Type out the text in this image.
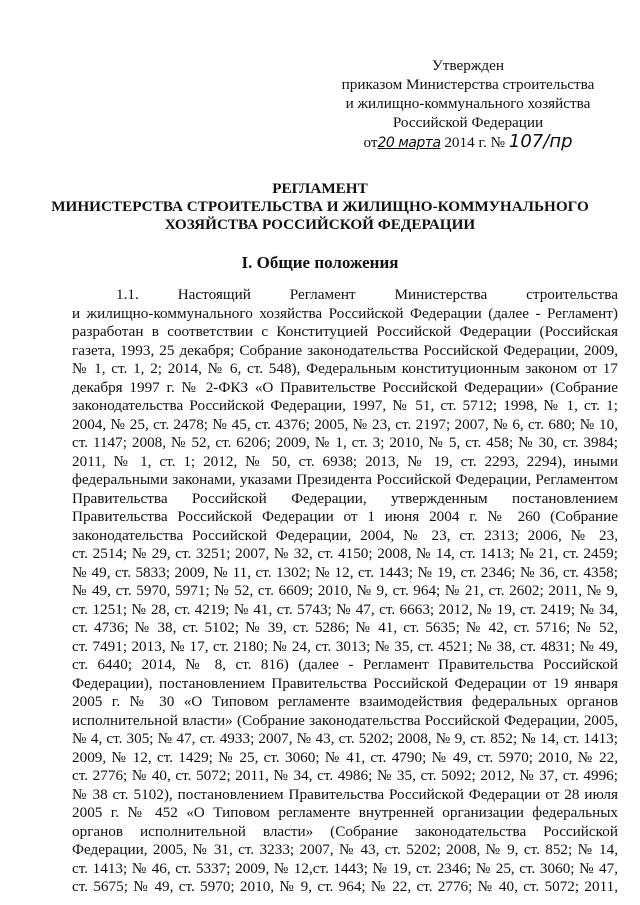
Утвержден
приказом Министерства строительства
и жилищно-коммунального хозяйства
Российской Федерации
от20 марта 2014 г. № 107/пр
РЕГЛАМЕНТ
МИНИСТЕРСТВА СТРОИТЕЛЬСТВА И ЖИЛИЩНО-КОММУНАЛЬНОГО
ХОЗЯЙСТВА РОССИЙСКОЙ ФЕДЕРАЦИИ
I. Общие положения
1.1. Настоящий Регламент Министерства строительства
и жилищно-коммунального хозяйства Российской Федерации (далее - Регламент)
разработан в соответствии с Конституцией Российской Федерации (Российская
газета, 1993, 25 декабря; Собрание законодательства Российской Федерации, 2009,
№ 1, ст. 1, 2; 2014, № 6, ст. 548), Федеральным конституционным законом от 17
декабря 1997 г. № 2-ФКЗ «О Правительстве Российской Федерации» (Собрание
законодательства Российской Федерации, 1997, № 51, ст. 5712; 1998, № 1, ст. 1;
2004, № 25, ст. 2478; № 45, ст. 4376; 2005, № 23, ст. 2197; 2007, № 6, ст. 680; № 10,
ст. 1147; 2008, № 52, ст. 6206; 2009, № 1, ст. 3; 2010, № 5, ст. 458; № 30, ст. 3984;
2011, № 1, ст. 1; 2012, № 50, ст. 6938; 2013, № 19, ст. 2293, 2294), иными
федеральными законами, указами Президента Российской Федерации, Регламентом
Правительства Российской Федерации, утвержденным постановлением
Правительства Российской Федерации от 1 июня 2004 г. № 260 (Собрание
законодательства Российской Федерации, 2004, № 23, ст. 2313; 2006, № 23,
ст. 2514; № 29, ст. 3251; 2007, № 32, ст. 4150; 2008, № 14, ст. 1413; № 21, ст. 2459;
№ 49, ст. 5833; 2009, № 11, ст. 1302; № 12, ст. 1443; № 19, ст. 2346; № 36, ст. 4358;
№ 49, ст. 5970, 5971; № 52, ст. 6609; 2010, № 9, ст. 964; № 21, ст. 2602; 2011, № 9,
ст. 1251; № 28, ст. 4219; № 41, ст. 5743; № 47, ст. 6663; 2012, № 19, ст. 2419; № 34,
ст. 4736; № 38, ст. 5102; № 39, ст. 5286; № 41, ст. 5635; № 42, ст. 5716; № 52,
ст. 7491; 2013, № 17, ст. 2180; № 24, ст. 3013; № 35, ст. 4521; № 38, ст. 4831; № 49,
ст. 6440; 2014, № 8, ст. 816) (далее - Регламент Правительства Российской
Федерации), постановлением Правительства Российской Федерации от 19 января
2005 г. № 30 «О Типовом регламенте взаимодействия федеральных органов
исполнительной власти» (Собрание законодательства Российской Федерации, 2005,
№ 4, ст. 305; № 47, ст. 4933; 2007, № 43, ст. 5202; 2008, № 9, ст. 852; № 14, ст. 1413;
2009, № 12, ст. 1429; № 25, ст. 3060; № 41, ст. 4790; № 49, ст. 5970; 2010, № 22,
ст. 2776; № 40, ст. 5072; 2011, № 34, ст. 4986; № 35, ст. 5092; 2012, № 37, ст. 4996;
№ 38 ст. 5102), постановлением Правительства Российской Федерации от 28 июля
2005 г. № 452 «О Типовом регламенте внутренней организации федеральных
органов исполнительной власти» (Собрание законодательства Российской
Федерации, 2005, № 31, ст. 3233; 2007, № 43, ст. 5202; 2008, № 9, ст. 852; № 14,
ст. 1413; № 46, ст. 5337; 2009, № 12,ст. 1443; № 19, ст. 2346; № 25, ст. 3060; № 47,
ст. 5675; № 49, ст. 5970; 2010, № 9, ст. 964; № 22, ст. 2776; № 40, ст. 5072; 2011,
